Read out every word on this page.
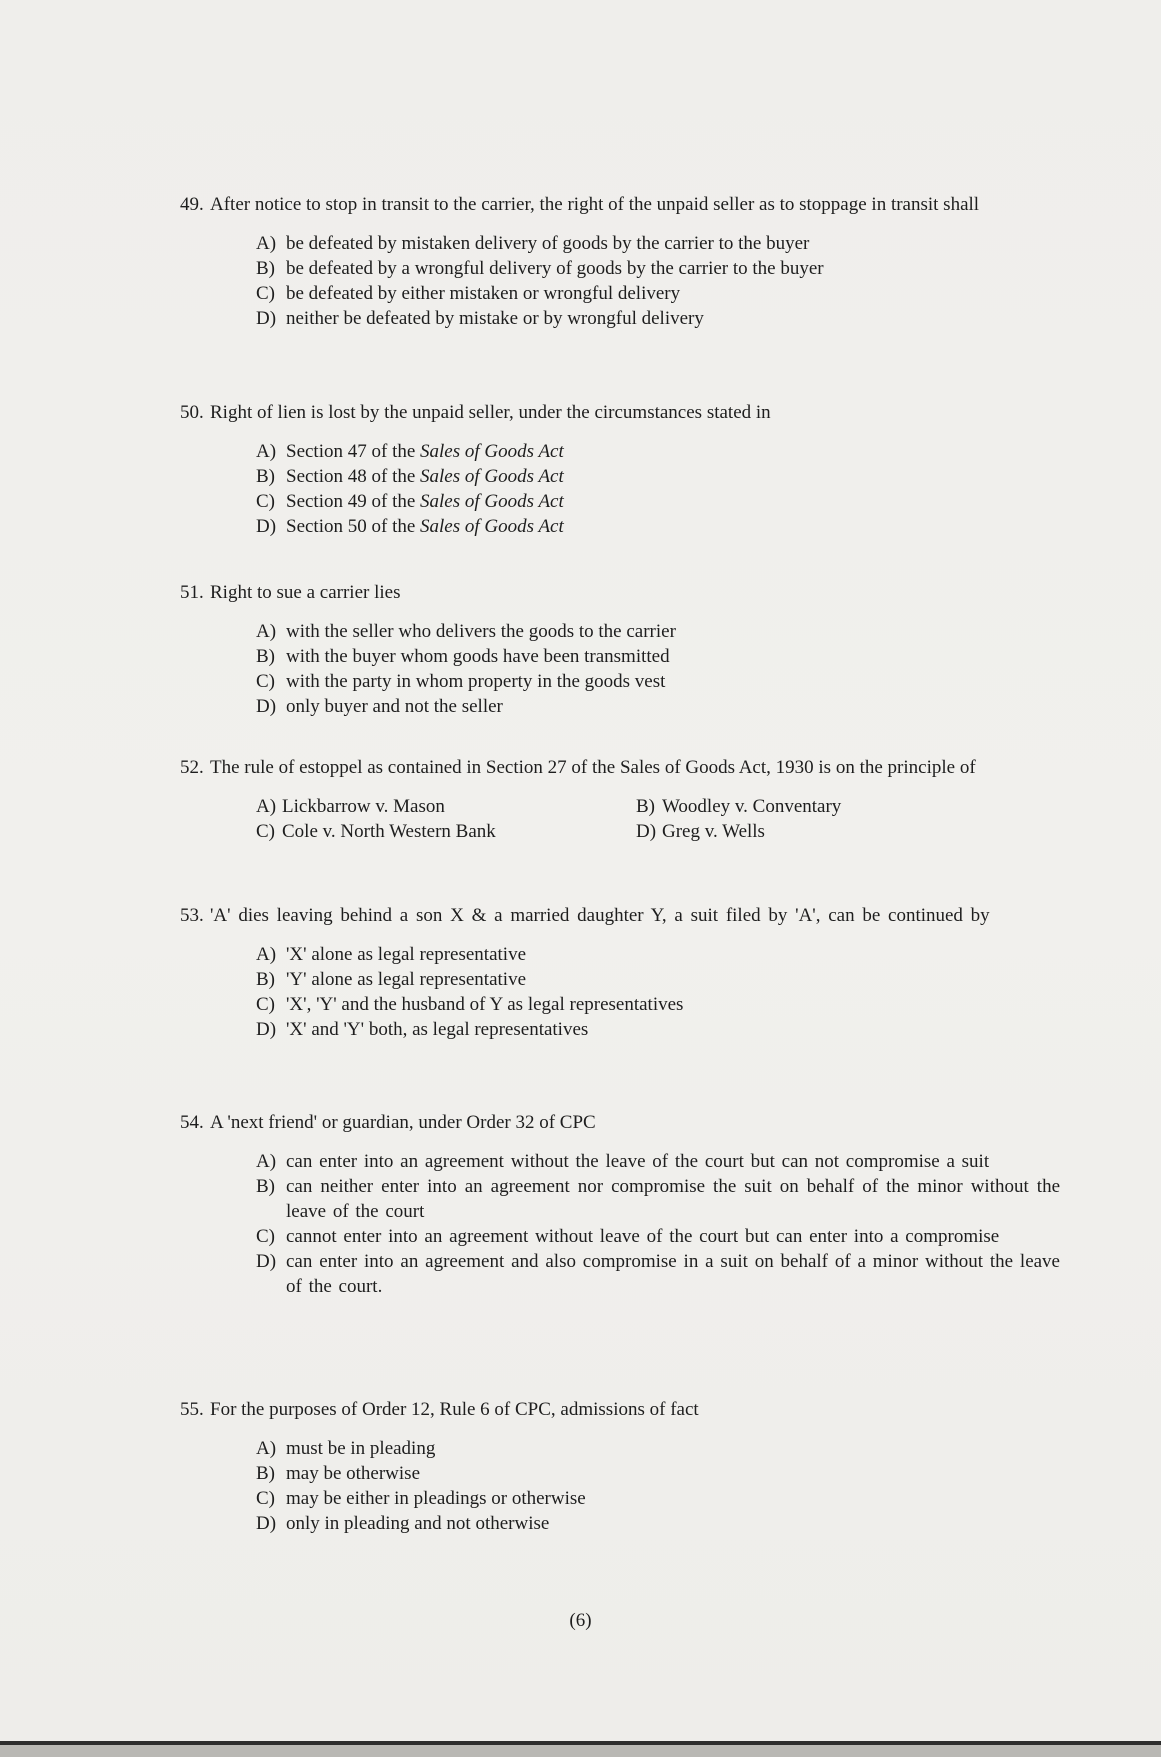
49. After notice to stop in transit to the carrier, the right of the unpaid seller as to stoppage in transit shall
A) be defeated by mistaken delivery of goods by the carrier to the buyer
B) be defeated by a wrongful delivery of goods by the carrier to the buyer
C) be defeated by either mistaken or wrongful delivery
D) neither be defeated by mistake or by wrongful delivery
50. Right of lien is lost by the unpaid seller, under the circumstances stated in
A) Section 47 of the Sales of Goods Act
B) Section 48 of the Sales of Goods Act
C) Section 49 of the Sales of Goods Act
D) Section 50 of the Sales of Goods Act
51. Right to sue a carrier lies
A) with the seller who delivers the goods to the carrier
B) with the buyer whom goods have been transmitted
C) with the party in whom property in the goods vest
D) only buyer and not the seller
52. The rule of estoppel as contained in Section 27 of the Sales of Goods Act, 1930 is on the principle of
A) Lickbarrow v. Mason	B) Woodley v. Conventary
C) Cole v. North Western Bank	D) Greg v. Wells
53. 'A' dies leaving behind a son X & a married daughter Y, a suit filed by 'A', can be continued by
A) 'X' alone as legal representative
B) 'Y' alone as legal representative
C) 'X', 'Y' and the husband of Y as legal representatives
D) 'X' and 'Y' both, as legal representatives
54. A 'next friend' or guardian, under Order 32 of CPC
A) can enter into an agreement without the leave of the court but can not compromise a suit
B) can neither enter into an agreement nor compromise the suit on behalf of the minor without the leave of the court
C) cannot enter into an agreement without leave of the court but can enter into a compromise
D) can enter into an agreement and also compromise in a suit on behalf of a minor without the leave of the court.
55. For the purposes of Order 12, Rule 6 of CPC, admissions of fact
A) must be in pleading
B) may be otherwise
C) may be either in pleadings or otherwise
D) only in pleading and not otherwise
(6)
